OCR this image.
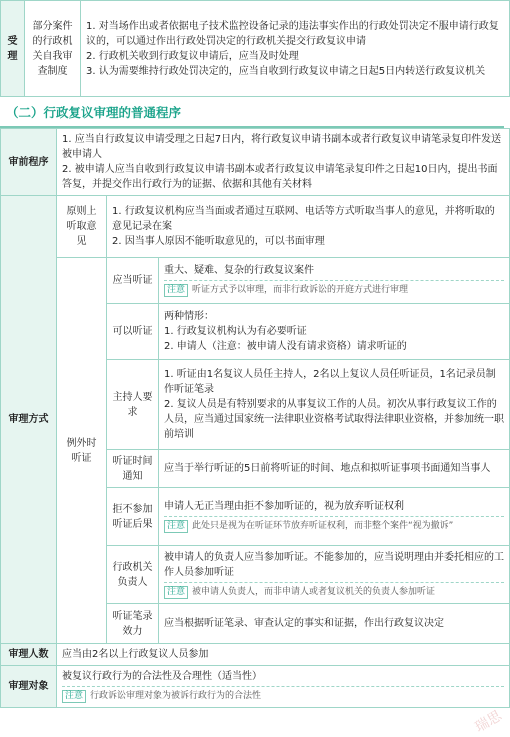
受理	部分案件的行政机关自我审查制度	

1. 对当场作出或者依据电子技术监控设备记录的违法事实作出的行政处罚决定不服申请行政复议的，可以通过作出行政处罚决定的行政机关提交行政复议申请

2. 行政机关收到行政复议申请后，应当及时处理

3. 认为需要维持行政处罚决定的，应当自收到行政复议申请之日起5日内转送行政复议机关

（二）行政复议审理的普通程序
审前程序	1. 应当自行政复议申请受理之日起7日内，将行政复议申请书副本或者行政复议申请笔录复印件发送被申请人

2. 被申请人应当自收到行政复议申请书副本或者行政复议申请笔录复印件之日起10日内，提出书面答复，并提交作出行政行为的证据、依据和其他有关材料		

审理方式	原则上听取意见	1. 行政复议机构应当当面或者通过互联网、电话等方式听取当事人的意见，并将听取的意见记录在案

2. 因当事人原因不能听取意见的，可以书面审理	

	例外时听证	应当听证	重大、疑难、复杂的行政复议案件

注意 听证方式予以审理，而非行政诉讼的开庭方式进行审理

		可以听证	两种情形：

1. 行政复议机构认为有必要听证

2. 申请人（注意：被申请人没有请求资格）请求听证的

		主持人要求	1. 听证由1名复议人员任主持人，2名以上复议人员任听证员，1名记录员制作听证笔录

2. 复议人员是有特别要求的从事复议工作的人员。初次从事行政复议工作的人员，应当通过国家统一法律职业资格考试取得法律职业资格，并参加统一职前培训

		听证时间通知	应当于举行听证的5日前将听证的时间、地点和拟听证事项书面通知当事人

		拒不参加听证后果	申请人无正当理由拒不参加听证的，视为放弃听证权利

注意 此处只是视为在听证环节放弃听证权利，而非整个案件“视为撤诉”

		行政机关负责人	被申请人的负责人应当参加听证。不能参加的，应当说明理由并委托相应的工作人员参加听证

注意 被申请人负责人，而非申请人或者复议机关的负责人参加听证

		听证笔录效力	应当根据听证笔录、审查认定的事实和证据，作出行政复议决定

审理人数	应当由2名以上行政复议人员参加		
审理对象	被复议行政行为的合法性及合理性（适当性）

注意 行政诉讼审理对象为被诉行政行为的合法性		
瑞思
